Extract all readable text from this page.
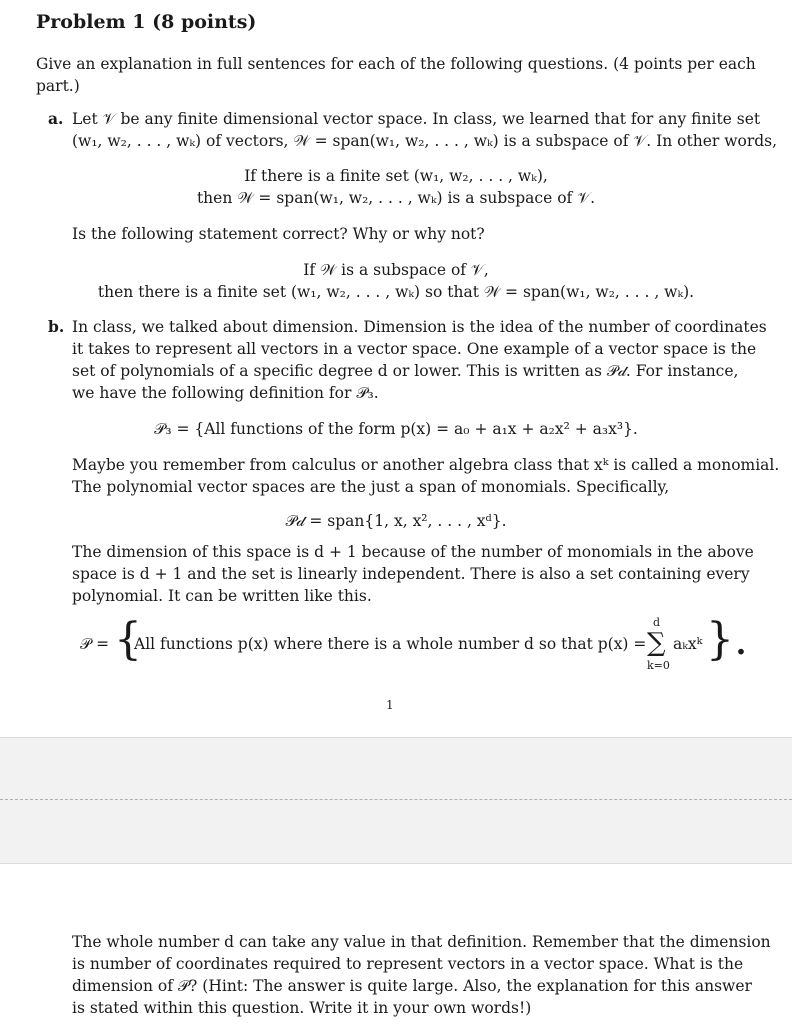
Problem 1 (8 points)
Give an explanation in full sentences for each of the following questions. (4 points per each
part.)
a. Let 𝒱 be any finite dimensional vector space. In class, we learned that for any finite set
(w₁, w₂, . . . , wₖ) of vectors, 𝒲 = span(w₁, w₂, . . . , wₖ) is a subspace of 𝒱. In other words,
If there is a finite set (w₁, w₂, . . . , wₖ),
then 𝒲 = span(w₁, w₂, . . . , wₖ) is a subspace of 𝒱.
Is the following statement correct? Why or why not?
If 𝒲 is a subspace of 𝒱,
then there is a finite set (w₁, w₂, . . . , wₖ) so that 𝒲 = span(w₁, w₂, . . . , wₖ).
b. In class, we talked about dimension. Dimension is the idea of the number of coordinates
it takes to represent all vectors in a vector space. One example of a vector space is the
set of polynomials of a specific degree d or lower. This is written as 𝒫𝒹. For instance,
we have the following definition for 𝒫₃.
𝒫₃ = {All functions of the form p(x) = a₀ + a₁x + a₂x² + a₃x³}.
Maybe you remember from calculus or another algebra class that xᵏ is called a monomial.
The polynomial vector spaces are the just a span of monomials. Specifically,
𝒫𝒹 = span{1, x, x², . . . , xᵈ}.
The dimension of this space is d + 1 because of the number of monomials in the above
space is d + 1 and the set is linearly independent. There is also a set containing every
polynomial. It can be written like this.
𝒫 = {
All functions p(x) where there is a whole number d so that p(x) =
d
∑
k=0
aₖxᵏ }.
1
The whole number d can take any value in that definition. Remember that the dimension
is number of coordinates required to represent vectors in a vector space. What is the
dimension of 𝒫? (Hint: The answer is quite large. Also, the explanation for this answer
is stated within this question. Write it in your own words!)
